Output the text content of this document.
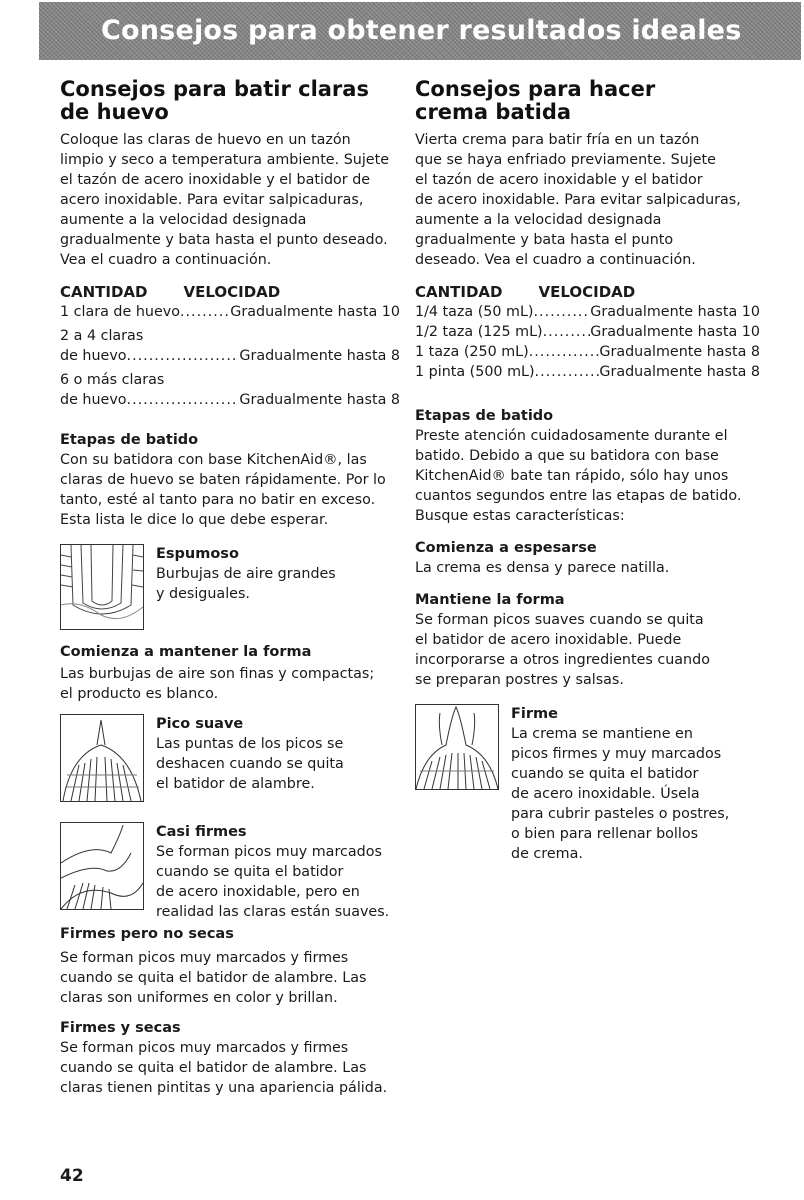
Consejos para obtener resultados ideales
Consejos para batir claras
de huevo

Coloque las claras de huevo en un tazón

limpio y seco a temperatura ambiente. Sujete

el tazón de acero inoxidable y el batidor de

acero inoxidable. Para evitar salpicaduras,

aumente a la velocidad designada

gradualmente y bata hasta el punto deseado.

Vea el cuadro a continuación.

CANTIDAD VELOCIDAD
1 clara de huevo .....	Gradualmente hasta 10

2 a 4 claras

de huevo .....	Gradualmente hasta 8

6 o más claras

de huevo .....	Gradualmente hasta 8
Etapas de batido

Con su batidora con base KitchenAid®, las

claras de huevo se baten rápidamente. Por lo

tanto, esté al tanto para no batir en exceso.

Esta lista le dice lo que debe esperar.

Espumoso

Burbujas de aire grandes

y desiguales.

Comienza a mantener la forma

Las burbujas de aire son finas y compactas;

el producto es blanco.

Pico suave

Las puntas de los picos se

deshacen cuando se quita

el batidor de alambre.

Casi firmes

Se forman picos muy marcados

cuando se quita el batidor

de acero inoxidable, pero en

realidad las claras están suaves.

Firmes pero no secas

Se forman picos muy marcados y firmes

cuando se quita el batidor de alambre. Las

claras son uniformes en color y brillan.

Firmes y secas

Se forman picos muy marcados y firmes

cuando se quita el batidor de alambre. Las

claras tienen pintitas y una apariencia pálida.

Consejos para hacer
crema batida

Vierta crema para batir fría en un tazón

que se haya enfriado previamente. Sujete

el tazón de acero inoxidable y el batidor

de acero inoxidable. Para evitar salpicaduras,

aumente a la velocidad designada

gradualmente y bata hasta el punto

deseado. Vea el cuadro a continuación.

CANTIDAD VELOCIDAD
1/4 taza (50 mL) .....	Gradualmente hasta 10
1/2 taza (125 mL) .....	Gradualmente hasta 10
1 taza (250 mL) .....	Gradualmente hasta 8
1 pinta (500 mL) .....	Gradualmente hasta 8
Etapas de batido

Preste atención cuidadosamente durante el

batido. Debido a que su batidora con base

KitchenAid® bate tan rápido, sólo hay unos

cuantos segundos entre las etapas de batido.

Busque estas características:

Comienza a espesarse

La crema es densa y parece natilla.

Mantiene la forma

Se forman picos suaves cuando se quita

el batidor de acero inoxidable. Puede

incorporarse a otros ingredientes cuando

se preparan postres y salsas.

Firme

La crema se mantiene en

picos firmes y muy marcados

cuando se quita el batidor

de acero inoxidable. Úsela

para cubrir pasteles o postres,

o bien para rellenar bollos

de crema.

42
